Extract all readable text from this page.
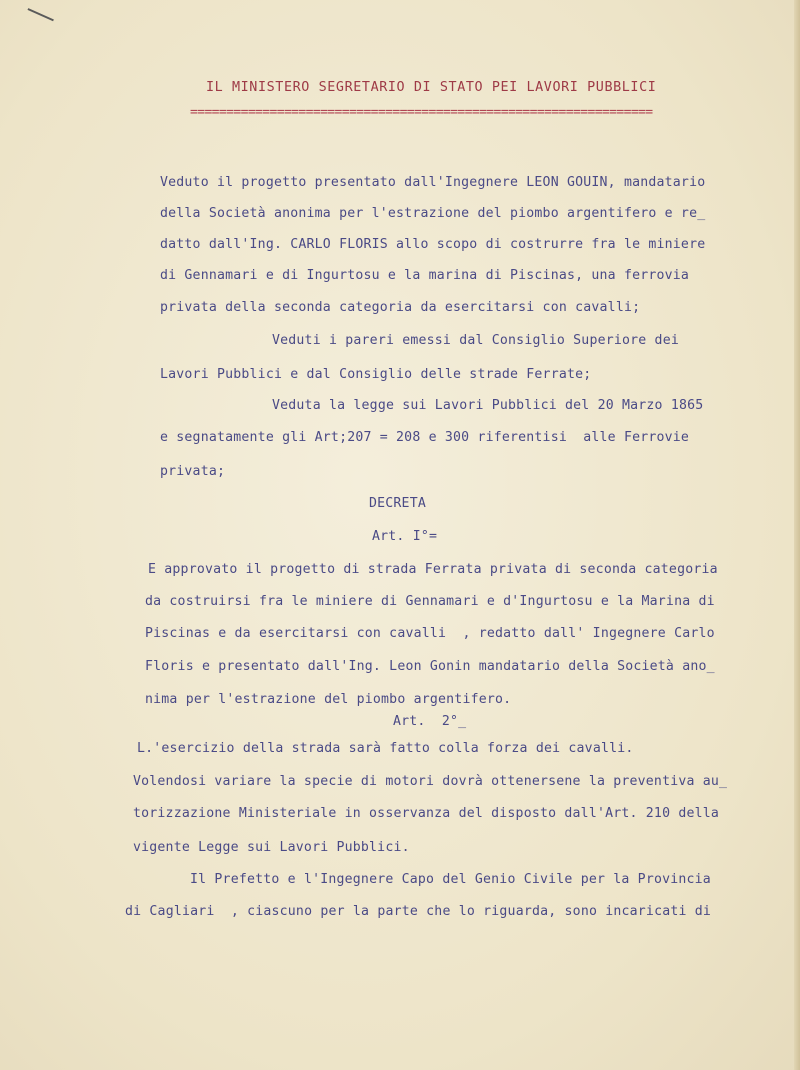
IL MINISTERO SEGRETARIO DI STATO PEI LAVORI PUBBLICI
================================================================
Veduto il progetto presentato dall'Ingegnere LEON GOUIN, mandatario
della Società anonima per l'estrazione del piombo argentifero e re_
datto dall'Ing. CARLO FLORIS allo scopo di costrurre fra le miniere
di Gennamari e di Ingurtosu e la marina di Piscinas, una ferrovia
privata della seconda categoria da esercitarsi con cavalli;
Veduti i pareri emessi dal Consiglio Superiore dei
Lavori Pubblici e dal Consiglio delle strade Ferrate;
Veduta la legge sui Lavori Pubblici del 20 Marzo 1865
e segnatamente gli Art;207 = 208 e 300 riferentisi  alle Ferrovie
privata;
DECRETA
Art. I°=
E approvato il progetto di strada Ferrata privata di seconda categoria
da costruirsi fra le miniere di Gennamari e d'Ingurtosu e la Marina di
Piscinas e da esercitarsi con cavalli  , redatto dall' Ingegnere Carlo
Floris e presentato dall'Ing. Leon Gonin mandatario della Società ano_
nima per l'estrazione del piombo argentifero.
Art.  2°_
L.'esercizio della strada sarà fatto colla forza dei cavalli.
Volendosi variare la specie di motori dovrà ottenersene la preventiva au_
torizzazione Ministeriale in osservanza del disposto dall'Art. 210 della
vigente Legge sui Lavori Pubblici.
Il Prefetto e l'Ingegnere Capo del Genio Civile per la Provincia
di Cagliari  , ciascuno per la parte che lo riguarda, sono incaricati di
